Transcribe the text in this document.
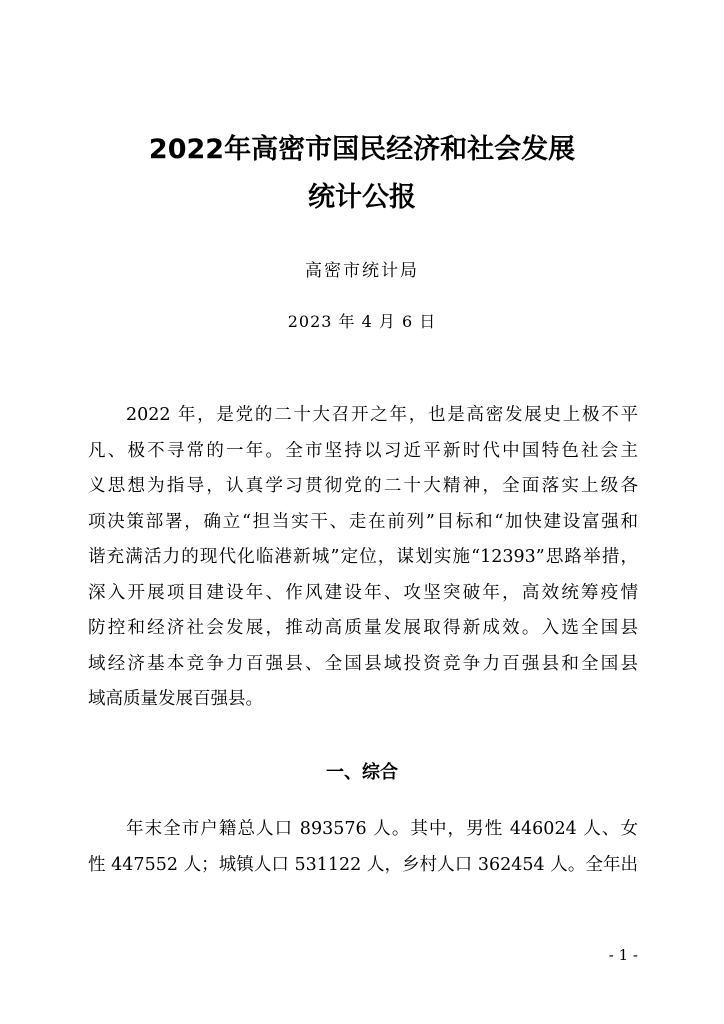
2022年高密市国民经济和社会发展
统计公报
高密市统计局
2023 年 4 月 6 日
2022 年，是党的二十大召开之年，也是高密发展史上极不平
凡、极不寻常的一年。全市坚持以习近平新时代中国特色社会主
义思想为指导，认真学习贯彻党的二十大精神，全面落实上级各
项决策部署，确立“担当实干、走在前列”目标和“加快建设富强和
谐充满活力的现代化临港新城”定位，谋划实施“12393”思路举措，
深入开展项目建设年、作风建设年、攻坚突破年，高效统筹疫情
防控和经济社会发展，推动高质量发展取得新成效。入选全国县
域经济基本竞争力百强县、全国县域投资竞争力百强县和全国县
域高质量发展百强县。
一、综合
年末全市户籍总人口 893576 人。其中，男性 446024 人、女
性 447552 人；城镇人口 531122 人，乡村人口 362454 人。全年出
- 1 -
